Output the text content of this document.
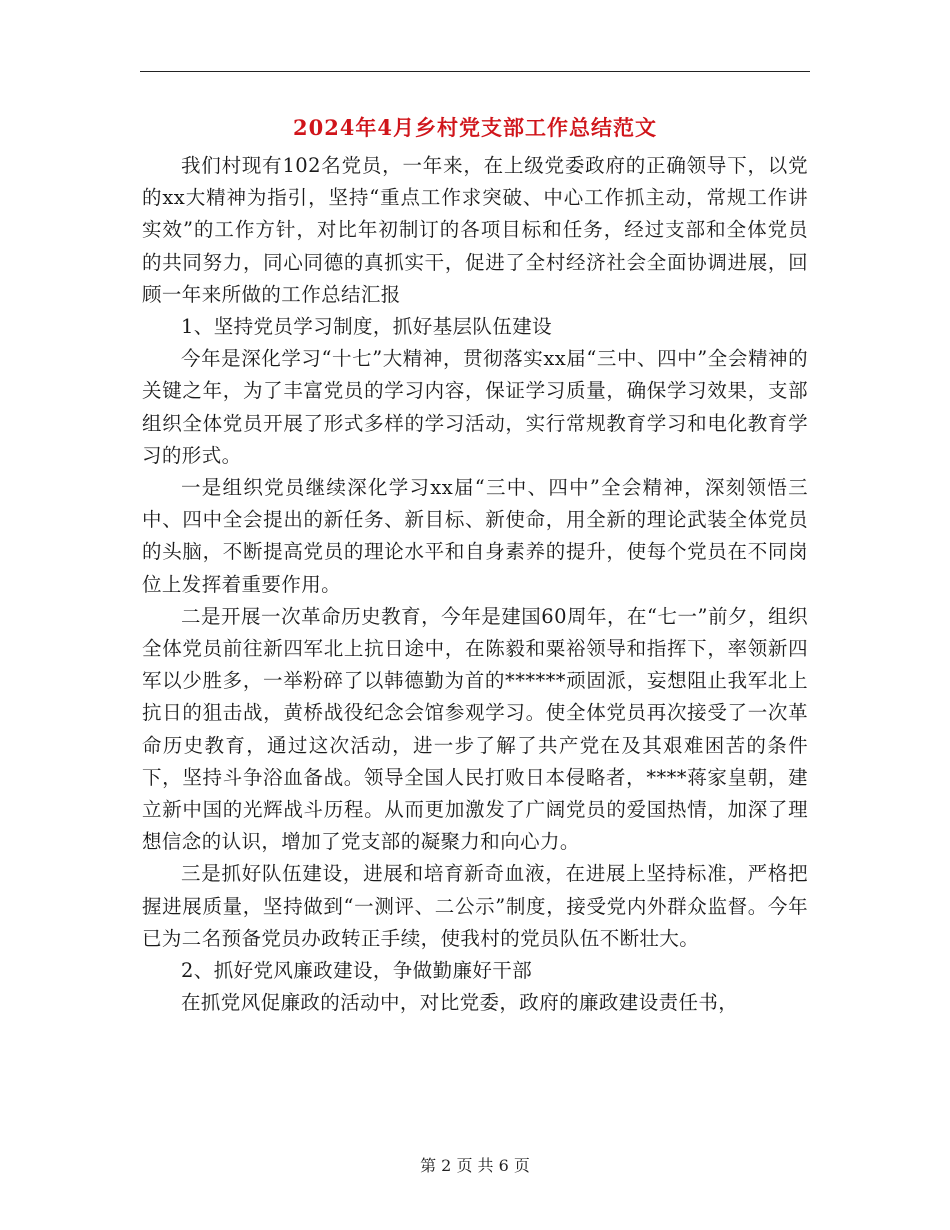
2024年4月乡村党支部工作总结范文

我们村现有102名党员，一年来，在上级党委政府的正确领导下，以党的xx大精神为指引，坚持“重点工作求突破、中心工作抓主动，常规工作讲实效”的工作方针，对比年初制订的各项目标和任务，经过支部和全体党员的共同努力，同心同德的真抓实干，促进了全村经济社会全面协调进展，回顾一年来所做的工作总结汇报

1、坚持党员学习制度，抓好基层队伍建设

今年是深化学习“十七”大精神，贯彻落实xx届“三中、四中”全会精神的关键之年，为了丰富党员的学习内容，保证学习质量，确保学习效果，支部组织全体党员开展了形式多样的学习活动，实行常规教育学习和电化教育学习的形式。

一是组织党员继续深化学习xx届“三中、四中”全会精神，深刻领悟三中、四中全会提出的新任务、新目标、新使命，用全新的理论武装全体党员的头脑，不断提高党员的理论水平和自身素养的提升，使每个党员在不同岗位上发挥着重要作用。

二是开展一次革命历史教育，今年是建国60周年，在“七一”前夕，组织全体党员前往新四军北上抗日途中，在陈毅和粟裕领导和指挥下，率领新四军以少胜多，一举粉碎了以韩德勤为首的******顽固派，妄想阻止我军北上抗日的狙击战，黄桥战役纪念会馆参观学习。使全体党员再次接受了一次革命历史教育，通过这次活动，进一步了解了共产党在及其艰难困苦的条件下，坚持斗争浴血备战。领导全国人民打败日本侵略者，****蒋家皇朝，建立新中国的光辉战斗历程。从而更加激发了广阔党员的爱国热情，加深了理想信念的认识，增加了党支部的凝聚力和向心力。

三是抓好队伍建设，进展和培育新奇血液，在进展上坚持标准，严格把握进展质量，坚持做到“一测评、二公示”制度，接受党内外群众监督。今年已为二名预备党员办政转正手续，使我村的党员队伍不断壮大。

2、抓好党风廉政建设，争做勤廉好干部

在抓党风促廉政的活动中，对比党委，政府的廉政建设责任书，

第 2 页 共 6 页
